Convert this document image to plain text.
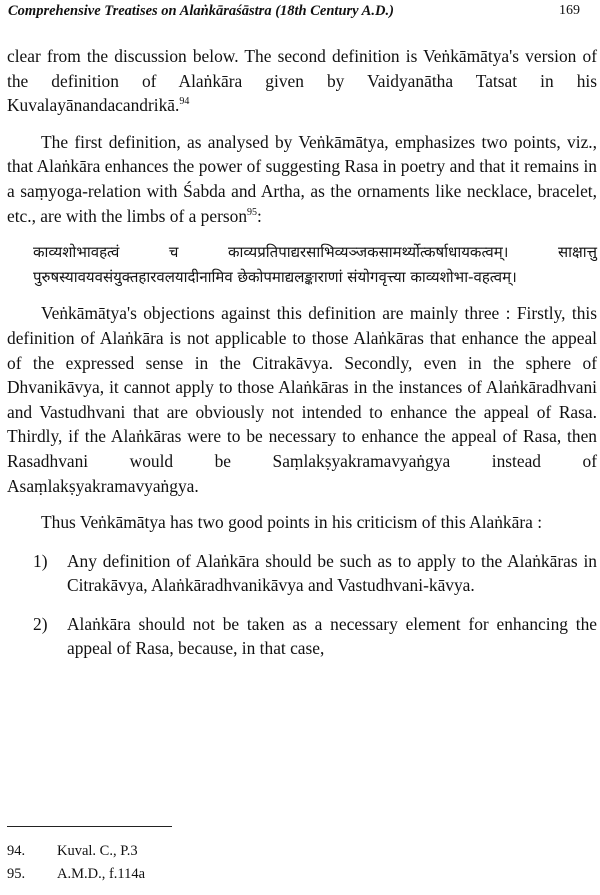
Comprehensive Treatises on Alaṅkāraśāstra (18th Century A.D.)	169

clear from the discussion below. The second definition is Veṅkāmātya's version of the definition of Alaṅkāra given by Vaidyanātha Tatsat in his Kuvalayānandacandrikā.$^{94}$

The first definition, as analysed by Veṅkāmātya, emphasizes two points, viz., that Alaṅkāra enhances the power of suggesting Rasa in poetry and that it remains in a saṃyoga-relation with Śabda and Artha, as the ornaments like necklace, bracelet, etc., are with the limbs of a person$^{95}$:

काव्यशोभावहत्वं च काव्यप्रतिपाद्यरसाभिव्यञ्जकसामर्थ्योत्कर्षाधायकत्वम्। साक्षात्तु पुरुषस्यावयवसंयुक्तहारवलयादीनामिव छेकोपमाद्यलङ्काराणां संयोगवृत्त्या काव्यशोभा-वहत्वम्।

Veṅkāmātya's objections against this definition are mainly three : Firstly, this definition of Alaṅkāra is not applicable to those Alaṅkāras that enhance the appeal of the expressed sense in the Citrakāvya. Secondly, even in the sphere of Dhvanikāvya, it cannot apply to those Alaṅkāras in the instances of Alaṅkāradhvani and Vastudhvani that are obviously not intended to enhance the appeal of Rasa. Thirdly, if the Alaṅkāras were to be necessary to enhance the appeal of Rasa, then Rasadhvani would be Saṃlakṣyakramavyaṅgya instead of Asaṃlakṣyakramavyaṅgya.

Thus Veṅkāmātya has two good points in his criticism of this Alaṅkāra :

1) Any definition of Alaṅkāra should be such as to apply to the Alaṅkāras in Citrakāvya, Alaṅkāradhvanikāvya and Vastudhvani-kāvya.
2) Alaṅkāra should not be taken as a necessary element for enhancing the appeal of Rasa, because, in that case,
94. Kuval. C., P.3
95. A.M.D., f.114a
